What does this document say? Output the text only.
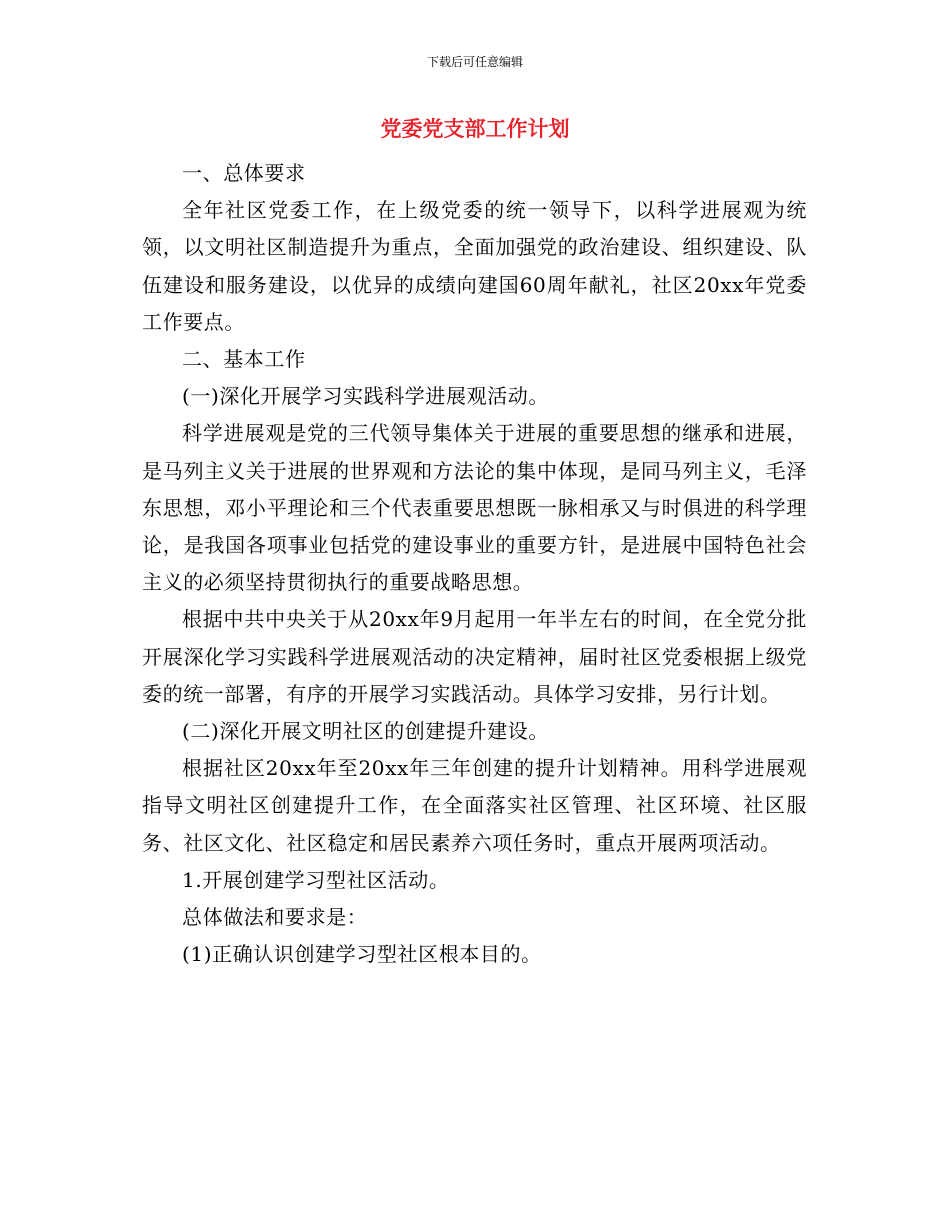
下载后可任意编辑
党委党支部工作计划

一、总体要求

全年社区党委工作，在上级党委的统一领导下，以科学进展观为统领，以文明社区制造提升为重点，全面加强党的政治建设、组织建设、队伍建设和服务建设，以优异的成绩向建国60周年献礼，社区20xx年党委工作要点。

二、基本工作

(一)深化开展学习实践科学进展观活动。

科学进展观是党的三代领导集体关于进展的重要思想的继承和进展，是马列主义关于进展的世界观和方法论的集中体现，是同马列主义，毛泽东思想，邓小平理论和三个代表重要思想既一脉相承又与时俱进的科学理论，是我国各项事业包括党的建设事业的重要方针，是进展中国特色社会主义的必须坚持贯彻执行的重要战略思想。

根据中共中央关于从20xx年9月起用一年半左右的时间，在全党分批开展深化学习实践科学进展观活动的决定精神，届时社区党委根据上级党委的统一部署，有序的开展学习实践活动。具体学习安排，另行计划。

(二)深化开展文明社区的创建提升建设。

根据社区20xx年至20xx年三年创建的提升计划精神。用科学进展观指导文明社区创建提升工作，在全面落实社区管理、社区环境、社区服务、社区文化、社区稳定和居民素养六项任务时，重点开展两项活动。

1.开展创建学习型社区活动。

总体做法和要求是：

(1)正确认识创建学习型社区根本目的。
